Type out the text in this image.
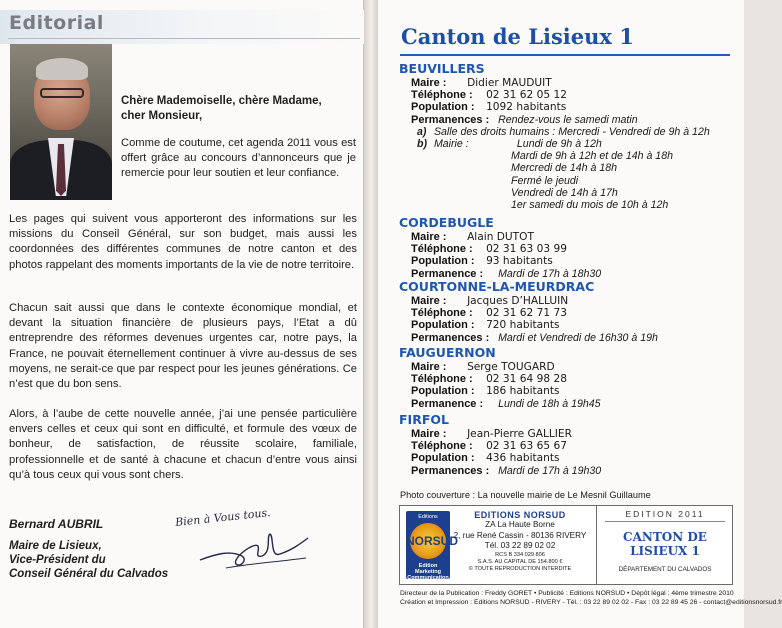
Editorial
Chère Mademoiselle, chère Madame,
cher Monsieur,

Comme de coutume, cet agenda 2011 vous est offert grâce au concours d’annonceurs que je remercie pour leur soutien et leur confiance.

Les pages qui suivent vous apporteront des informations sur les missions du Conseil Général, sur son budget, mais aussi les coordonnées des différentes communes de notre canton et des photos rappelant des moments importants de la vie de notre territoire.

Chacun sait aussi que dans le contexte économique mondial, et devant la situation financière de plusieurs pays, l’Etat a dû entreprendre des réformes devenues urgentes car, notre pays, la France, ne pouvait éternellement continuer à vivre au-dessus de ses moyens, ne serait-ce que par respect pour les jeunes générations. Ce n’est que du bon sens.

Alors, à l’aube de cette nouvelle année, j’ai une pensée particulière envers celles et ceux qui sont en difficulté, et formule des vœux de bonheur, de satisfaction, de réussite scolaire, familiale, professionnelle et de santé à chacune et chacun d’entre vous ainsi qu’à tous ceux qui vous sont chers.

Bernard AUBRIL
Maire de Lisieux,
Vice-Président du
Conseil Général du Calvados
Bien à Vous tous.
Canton de Lisieux 1
BEUVILLERS
Maire : Didier MAUDUIT
Téléphone : 02 31 62 05 12
Population : 1092 habitants
Permanences : Rendez-vous le samedi matin
a) Salle des droits humains : Mercredi - Vendredi de 9h à 12h
b) Mairie :	Lundi de 9h à 12h
Mardi de 9h à 12h et de 14h à 18h
Mercredi de 14h à 18h
Fermé le jeudi
Vendredi de 14h à 17h
1er samedi du mois de 10h à 12h
CORDEBUGLE
Maire : Alain DUTOT
Téléphone : 02 31 63 03 99
Population : 93 habitants
Permanence : Mardi de 17h à 18h30
COURTONNE-LA-MEURDRAC
Maire : Jacques D’HALLUIN
Téléphone : 02 31 62 71 73
Population : 720 habitants
Permanences : Mardi et Vendredi de 16h30 à 19h
FAUGUERNON
Maire : Serge TOUGARD
Téléphone : 02 31 64 98 28
Population : 186 habitants
Permanence : Lundi de 18h à 19h45
FIRFOL
Maire : Jean-Pierre GALLIER
Téléphone : 02 31 63 65 67
Population : 436 habitants
Permanences : Mardi de 17h à 19h30
Photo couverture : La nouvelle mairie de Le Mesnil Guillaume
Editions
NORSUD
Edition Marketing Communication
EDITIONS NORSUD
ZA La Haute Borne
2, rue René Cassin - 80136 RIVERY
Tél. 03 22 89 02 02
RCS B 334 029 806
S.A.S. AU CAPITAL DE 154.800 €
© TOUTE REPRODUCTION INTERDITE
EDITION 2011
CANTON DE
LISIEUX 1
DÉPARTEMENT DU CALVADOS
Directeur de la Publication : Freddy GORET • Publicité : Editions NORSUD • Dépôt légal : 4ème trimestre 2010
Création et Impression : Editions NORSUD - RIVERY - Tél. : 03 22 89 02 02 - Fax : 03 22 89 45 26 - contact@editionsnorsud.fr
